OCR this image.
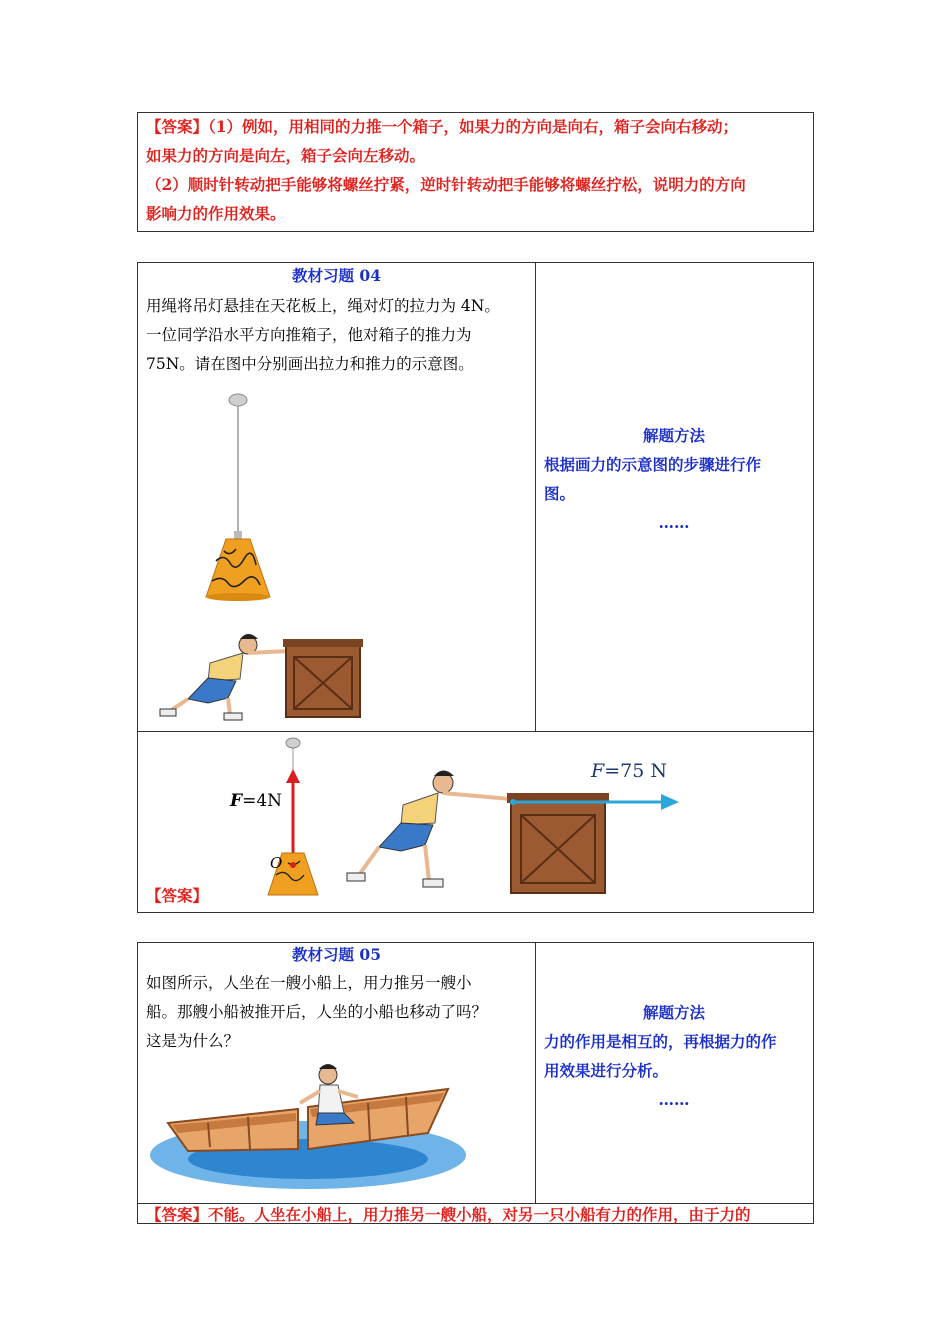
【答案】（1）例如，用相同的力推一个箱子，如果力的方向是向右，箱子会向右移动；
如果力的方向是向左，箱子会向左移动。
（2）顺时针转动把手能够将螺丝拧紧，逆时针转动把手能够将螺丝拧松，说明力的方向
影响力的作用效果。
教材习题 04
用绳将吊灯悬挂在天花板上，绳对灯的拉力为 4N。
一位同学沿水平方向推箱子，他对箱子的推力为
75N。请在图中分别画出拉力和推力的示意图。
解题方法
根据画力的示意图的步骤进行作
图。
……
F=4N
O
【答案】
F=75 N
教材习题 05
如图所示，人坐在一艘小船上，用力推另一艘小
船。那艘小船被推开后，人坐的小船也移动了吗？
这是为什么？
解题方法
力的作用是相互的，再根据力的作
用效果进行分析。
……
【答案】不能。人坐在小船上，用力推另一艘小船，对另一只小船有力的作用，由于力的
